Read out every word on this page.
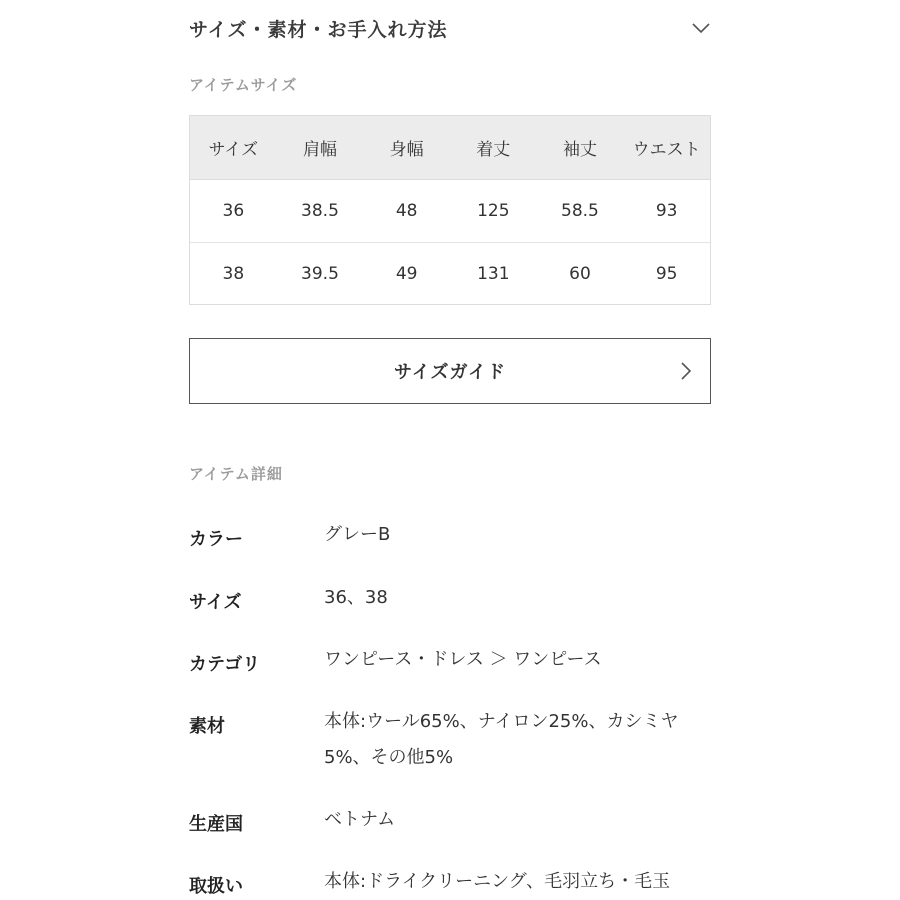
サイズ・素材・お手入れ方法
アイテムサイズ
サイズ	肩幅	身幅	着丈	袖丈	ウエスト
36	38.5	48	125	58.5	93
38	39.5	49	131	60	95
サイズガイド
アイテム詳細
カラー	グレーB
サイズ	36、38
カテゴリ	ワンピース・ドレス ＞ ワンピース
素材	本体:ウール65%、ナイロン25%、カシミヤ5%、その他5%
生産国	ベトナム
取扱い	本体:ドライクリーニング、毛羽立ち・毛玉
